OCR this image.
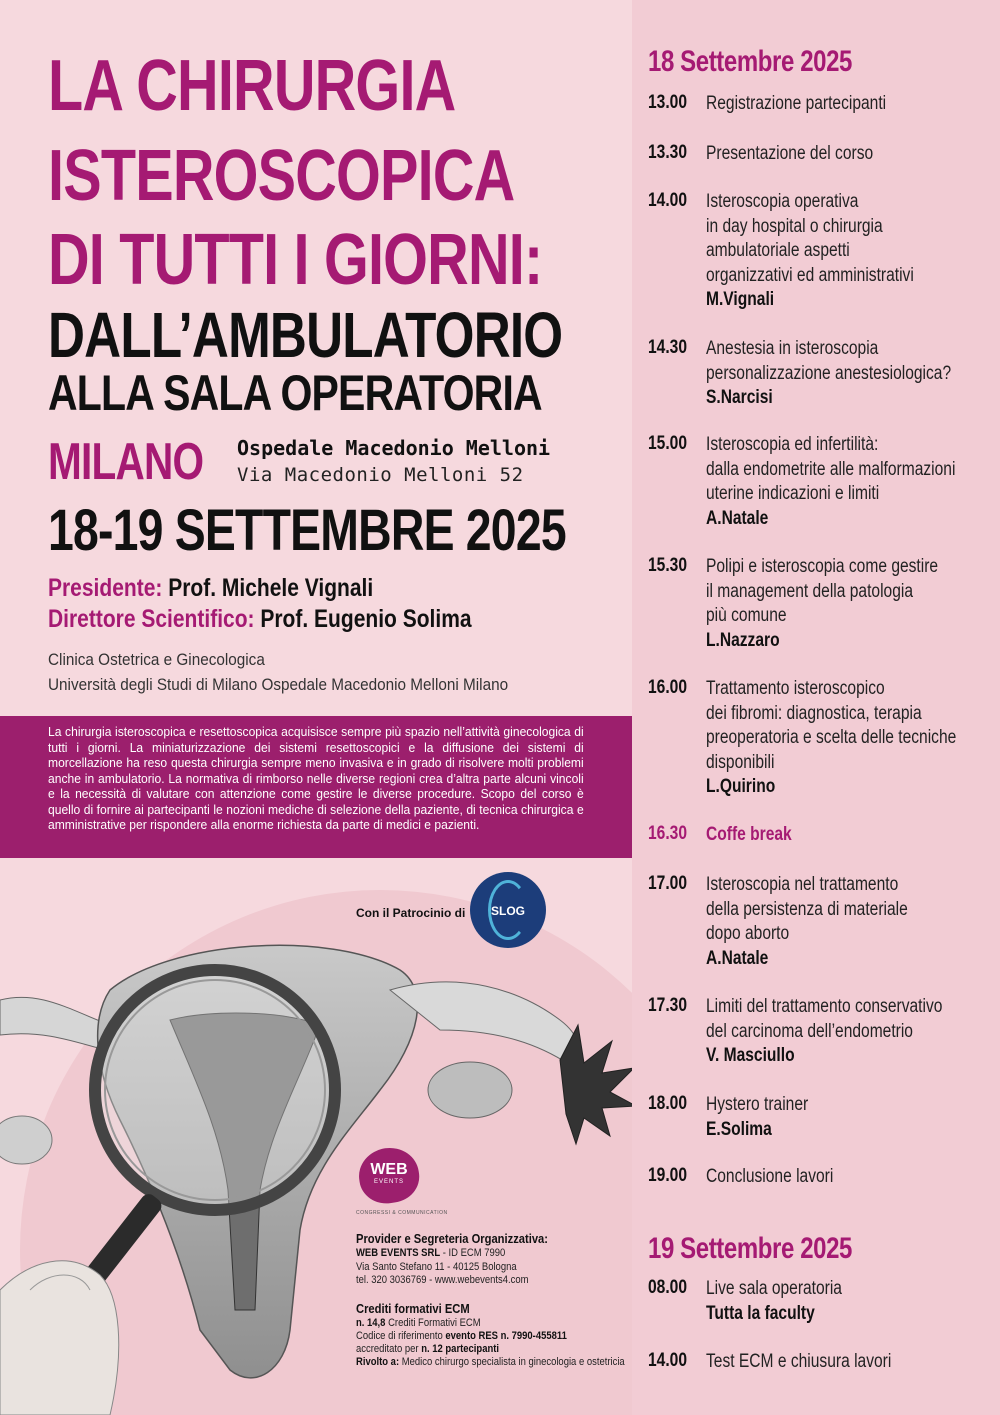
LA CHIRURGIA
ISTEROSCOPICA
DI TUTTI I GIORNI:
DALL’AMBULATORIO
ALLA SALA OPERATORIA
MILANO Ospedale Macedonio Melloni
Via Macedonio Melloni 52
18-19 SETTEMBRE 2025
Presidente: Prof. Michele Vignali
Direttore Scientifico: Prof. Eugenio Solima
Clinica Ostetrica e Ginecologica
Università degli Studi di Milano Ospedale Macedonio Melloni Milano

La chirurgia isteroscopica e resettoscopica acquisisce sempre più spazio nell’attività ginecologica di tutti i giorni. La miniaturizzazione dei sistemi resettoscopici e la diffusione dei sistemi di morcellazione ha reso questa chirurgia sempre meno invasiva e in grado di risolvere molti problemi anche in ambulatorio. La normativa di rimborso nelle diverse regioni crea d’altra parte alcuni vincoli e la necessità di valutare con attenzione come gestire le diverse procedure. Scopo del corso è quello di fornire ai partecipanti le nozioni mediche di selezione della paziente, di tecnica chirurgica e amministrative per rispondere alla enorme richiesta da parte di medici e pazienti.

Con il Patrocinio di	SLOG
WEB
EVENTS
CONGRESSI & COMMUNICATION
Provider e Segreteria Organizzativa:
WEB EVENTS SRL - ID ECM 7990
Via Santo Stefano 11 - 40125 Bologna
tel. 320 3036769 - www.webevents4.com
Crediti formativi ECM
n. 14,8 Crediti Formativi ECM
Codice di riferimento evento RES n. 7990-455811
accreditato per n. 12 partecipanti
Rivolto a: Medico chirurgo specialista in ginecologia e ostetricia
18 Settembre 2025
13.00 Registrazione partecipanti
13.30 Presentazione del corso
14.00 Isteroscopia operativa
in day hospital o chirurgia
ambulatoriale aspetti
organizzativi ed amministrativi
M.Vignali
14.30 Anestesia in isteroscopia
personalizzazione anestesiologica?
S.Narcisi
15.00 Isteroscopia ed infertilità:
dalla endometrite alle malformazioni
uterine indicazioni e limiti
A.Natale
15.30 Polipi e isteroscopia come gestire
il management della patologia
più comune
L.Nazzaro
16.00 Trattamento isteroscopico
dei fibromi: diagnostica, terapia
preoperatoria e scelta delle tecniche
disponibili
L.Quirino
16.30 Coffe break
17.00 Isteroscopia nel trattamento
della persistenza di materiale
dopo aborto
A.Natale
17.30 Limiti del trattamento conservativo
del carcinoma dell’endometrio
V. Masciullo
18.00 Hystero trainer
E.Solima
19.00 Conclusione lavori
19 Settembre 2025
08.00 Live sala operatoria
Tutta la faculty
14.00 Test ECM e chiusura lavori
